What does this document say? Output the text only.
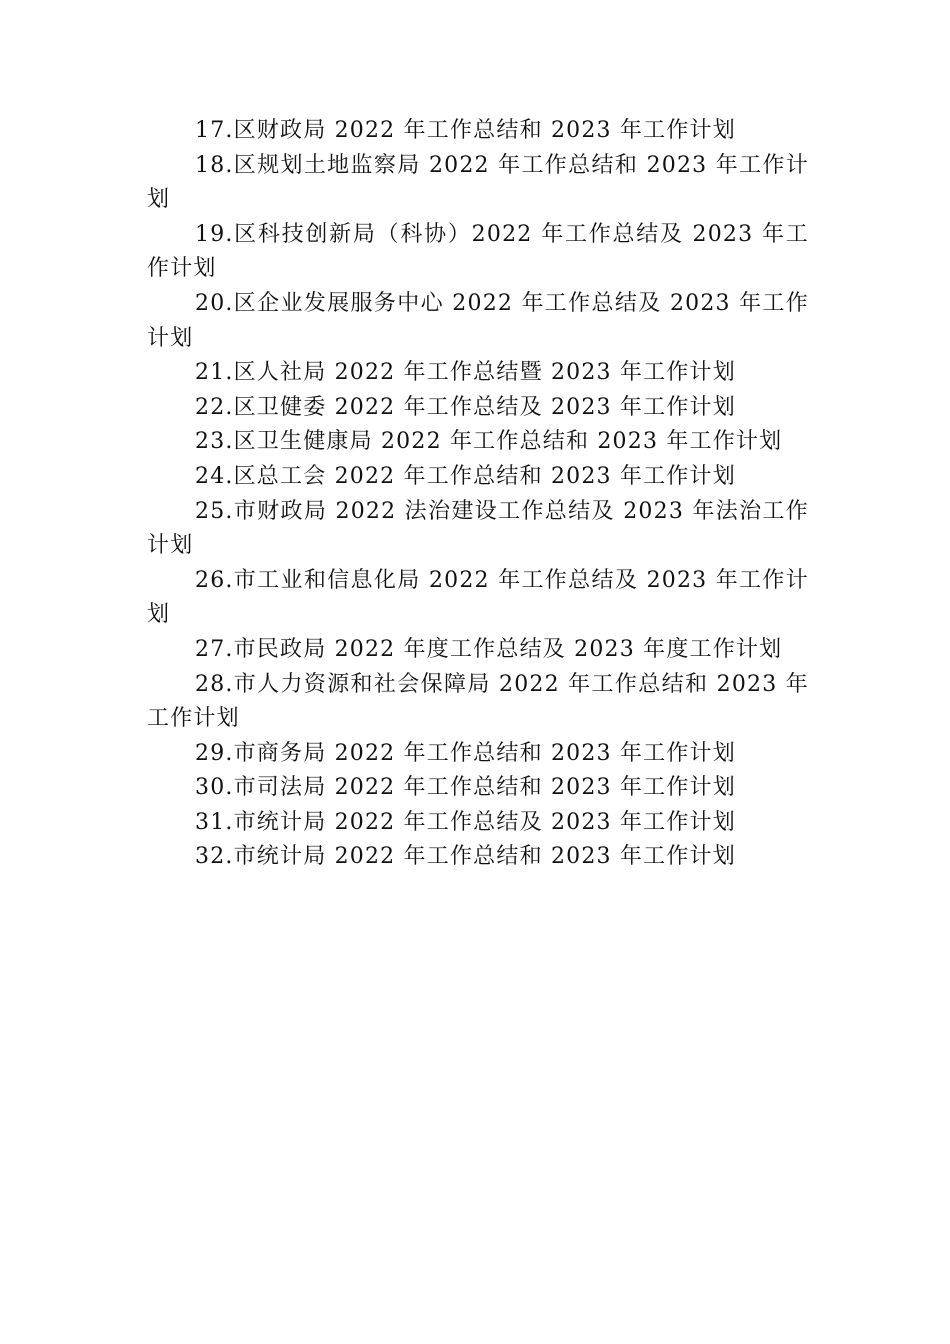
17.区财政局 2022 年工作总结和 2023 年工作计划
18.区规划土地监察局 2022 年工作总结和 2023 年工作计划
19.区科技创新局（科协）2022 年工作总结及 2023 年工作计划
20.区企业发展服务中心 2022 年工作总结及 2023 年工作计划
21.区人社局 2022 年工作总结暨 2023 年工作计划
22.区卫健委 2022 年工作总结及 2023 年工作计划
23.区卫生健康局 2022 年工作总结和 2023 年工作计划
24.区总工会 2022 年工作总结和 2023 年工作计划
25.市财政局 2022 法治建设工作总结及 2023 年法治工作计划
26.市工业和信息化局 2022 年工作总结及 2023 年工作计划
27.市民政局 2022 年度工作总结及 2023 年度工作计划
28.市人力资源和社会保障局 2022 年工作总结和 2023 年工作计划
29.市商务局 2022 年工作总结和 2023 年工作计划
30.市司法局 2022 年工作总结和 2023 年工作计划
31.市统计局 2022 年工作总结及 2023 年工作计划
32.市统计局 2022 年工作总结和 2023 年工作计划
